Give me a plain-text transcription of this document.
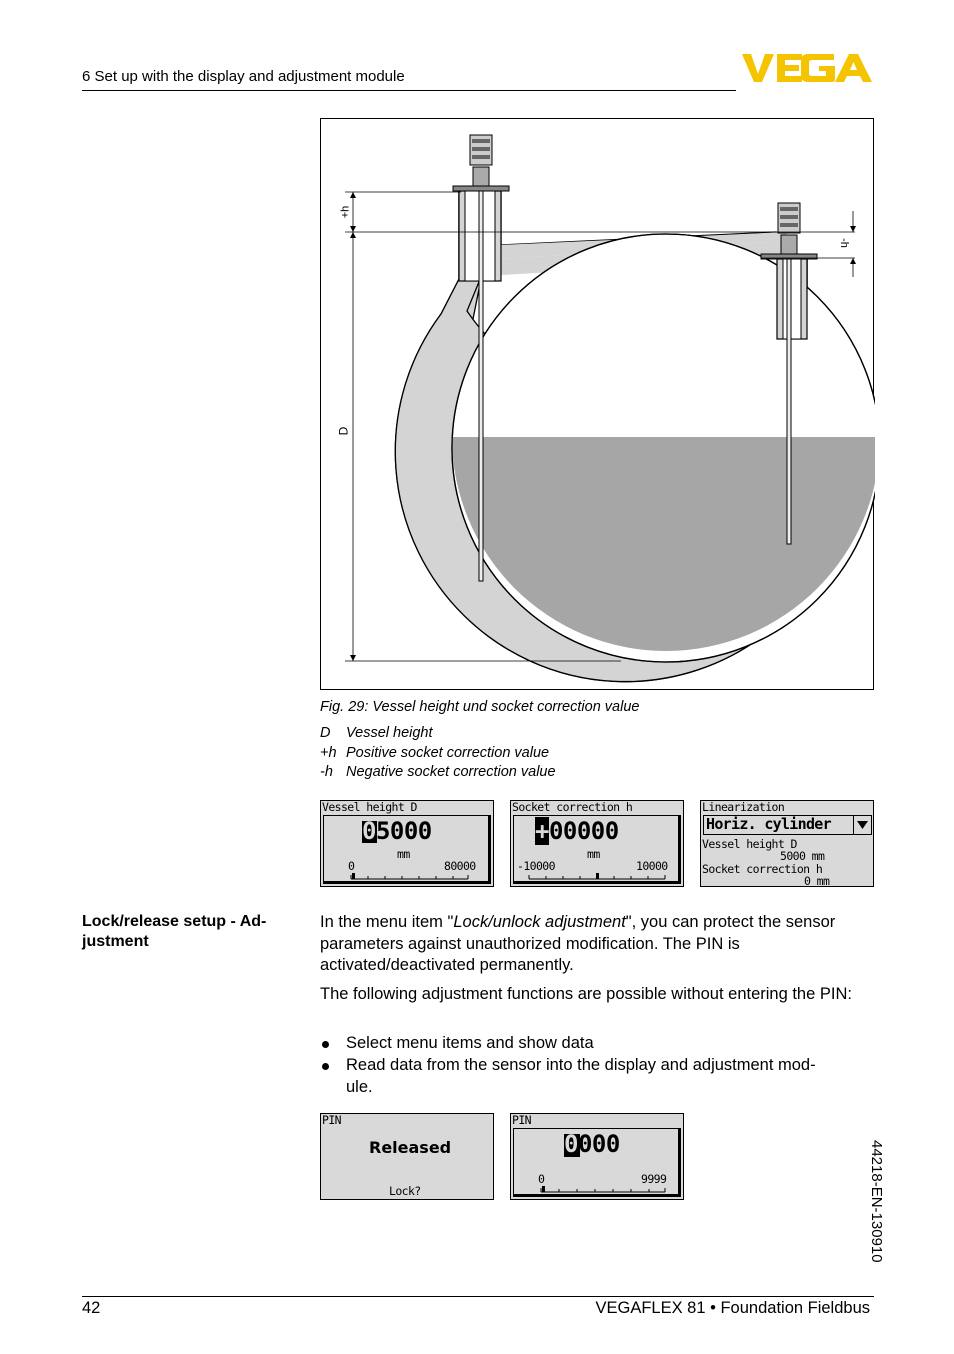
6 Set up with the display and adjustment module
+h
-h
D
Fig. 29: Vessel height und socket correction value
D	Vessel height
+h Positive socket correction value
-h Negative socket correction value
Vessel height D
05000
mm
0	80000
Socket correction h
+00000
mm
-10000	10000
Linearization
Horiz. cylinder
Vessel height D
5000 mm
Socket correction h
0 mm
Lock/release setup - Ad-
justment
In the menu item "Lock/unlock adjustment", you can protect the sensor parameters against unauthorized modification. The PIN is activated/deactivated permanently.
The following adjustment functions are possible without entering the PIN:
Select menu items and show data
Read data from the sensor into the display and adjustment mod-
ule.
PIN
Released
Lock?
PIN
0000
0	9999	44218-EN-130910
42	VEGAFLEX 81 • Foundation Fieldbus
